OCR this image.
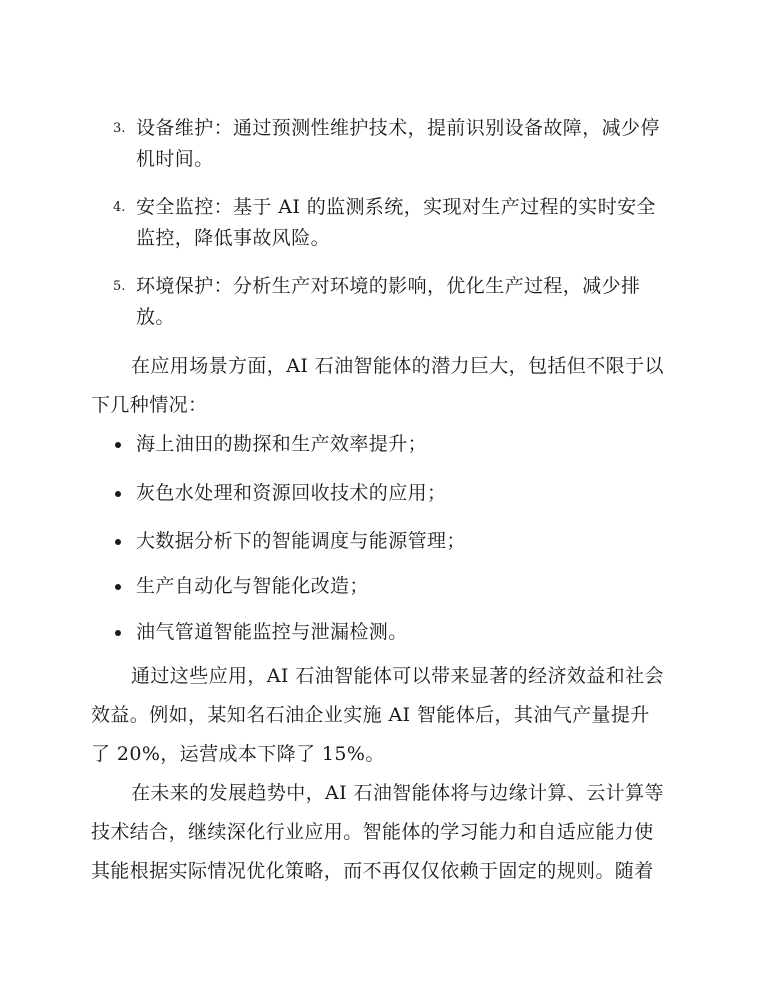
3. 设备维护：通过预测性维护技术，提前识别设备故障，减少停
机时间。
4. 安全监控：基于 AI 的监测系统，实现对生产过程的实时安全
监控，降低事故风险。
5. 环境保护：分析生产对环境的影响，优化生产过程，减少排
放。
在应用场景方面，AI 石油智能体的潜力巨大，包括但不限于以
下几种情况：
海上油田的勘探和生产效率提升；
灰色水处理和资源回收技术的应用；
大数据分析下的智能调度与能源管理；
生产自动化与智能化改造；
油气管道智能监控与泄漏检测。
通过这些应用，AI 石油智能体可以带来显著的经济效益和社会
效益。例如，某知名石油企业实施 AI 智能体后，其油气产量提升
了 20%，运营成本下降了 15%。
在未来的发展趋势中，AI 石油智能体将与边缘计算、云计算等
技术结合，继续深化行业应用。智能体的学习能力和自适应能力使
其能根据实际情况优化策略，而不再仅仅依赖于固定的规则。随着
